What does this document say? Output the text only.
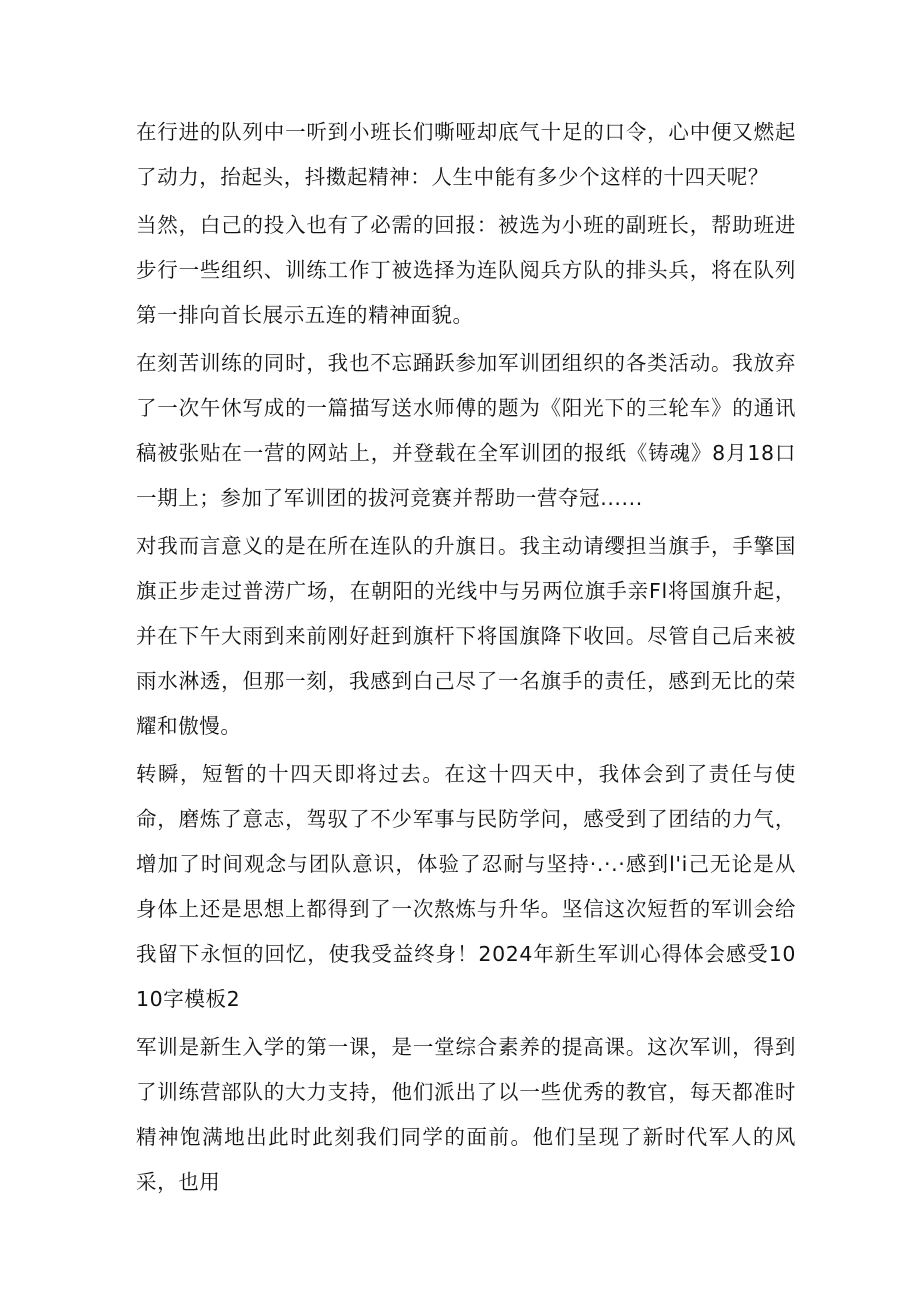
在行进的队列中一听到小班长们嘶哑却底气十足的口令，心中便又燃起了动力，抬起头，抖擞起精神：人生中能有多少个这样的十四天呢？

当然，白己的投入也有了必需的回报：被选为小班的副班长，帮助班进步行一些组织、训练工作丁被选择为连队阅兵方队的排头兵，将在队列第一排向首长展示五连的精神面貌。

在刻苦训练的同时，我也不忘踊跃参加军训团组织的各类活动。我放弃了一次午休写成的一篇描写送水师傅的题为《阳光下的三轮车》的通讯稿被张贴在一营的网站上，并登载在全军训团的报纸《铸魂》8月18口一期上；参加了军训团的拔河竞赛并帮助一营夺冠......

对我而言意义的是在所在连队的升旗日。我主动请缨担当旗手，手擎国旗正步走过普涝广场，在朝阳的光线中与另两位旗手亲Fl将国旗升起，并在下午大雨到来前刚好赶到旗杆下将国旗降下收回。尽管自己后来被雨水淋透，但那一刻，我感到白己尽了一名旗手的责任，感到无比的荣耀和傲慢。

转瞬，短暂的十四天即将过去。在这十四天中，我体会到了责任与使命，磨炼了意志，驾驭了不少军事与民防学问，感受到了团结的力气，增加了时间观念与团队意识，体验了忍耐与坚持·.·.·感到l'i己无论是从身体上还是思想上都得到了一次熬炼与升华。坚信这次短哲的军训会给我留下永恒的回忆，使我受益终身！2024年新生军训心得体会感受1010字模板2

军训是新生入学的第一课，是一堂综合素养的提高课。这次军训，得到了训练营部队的大力支持，他们派出了以一些优秀的教官，每天都准时精神饱满地出此时此刻我们同学的面前。他们呈现了新时代军人的风采，也用
